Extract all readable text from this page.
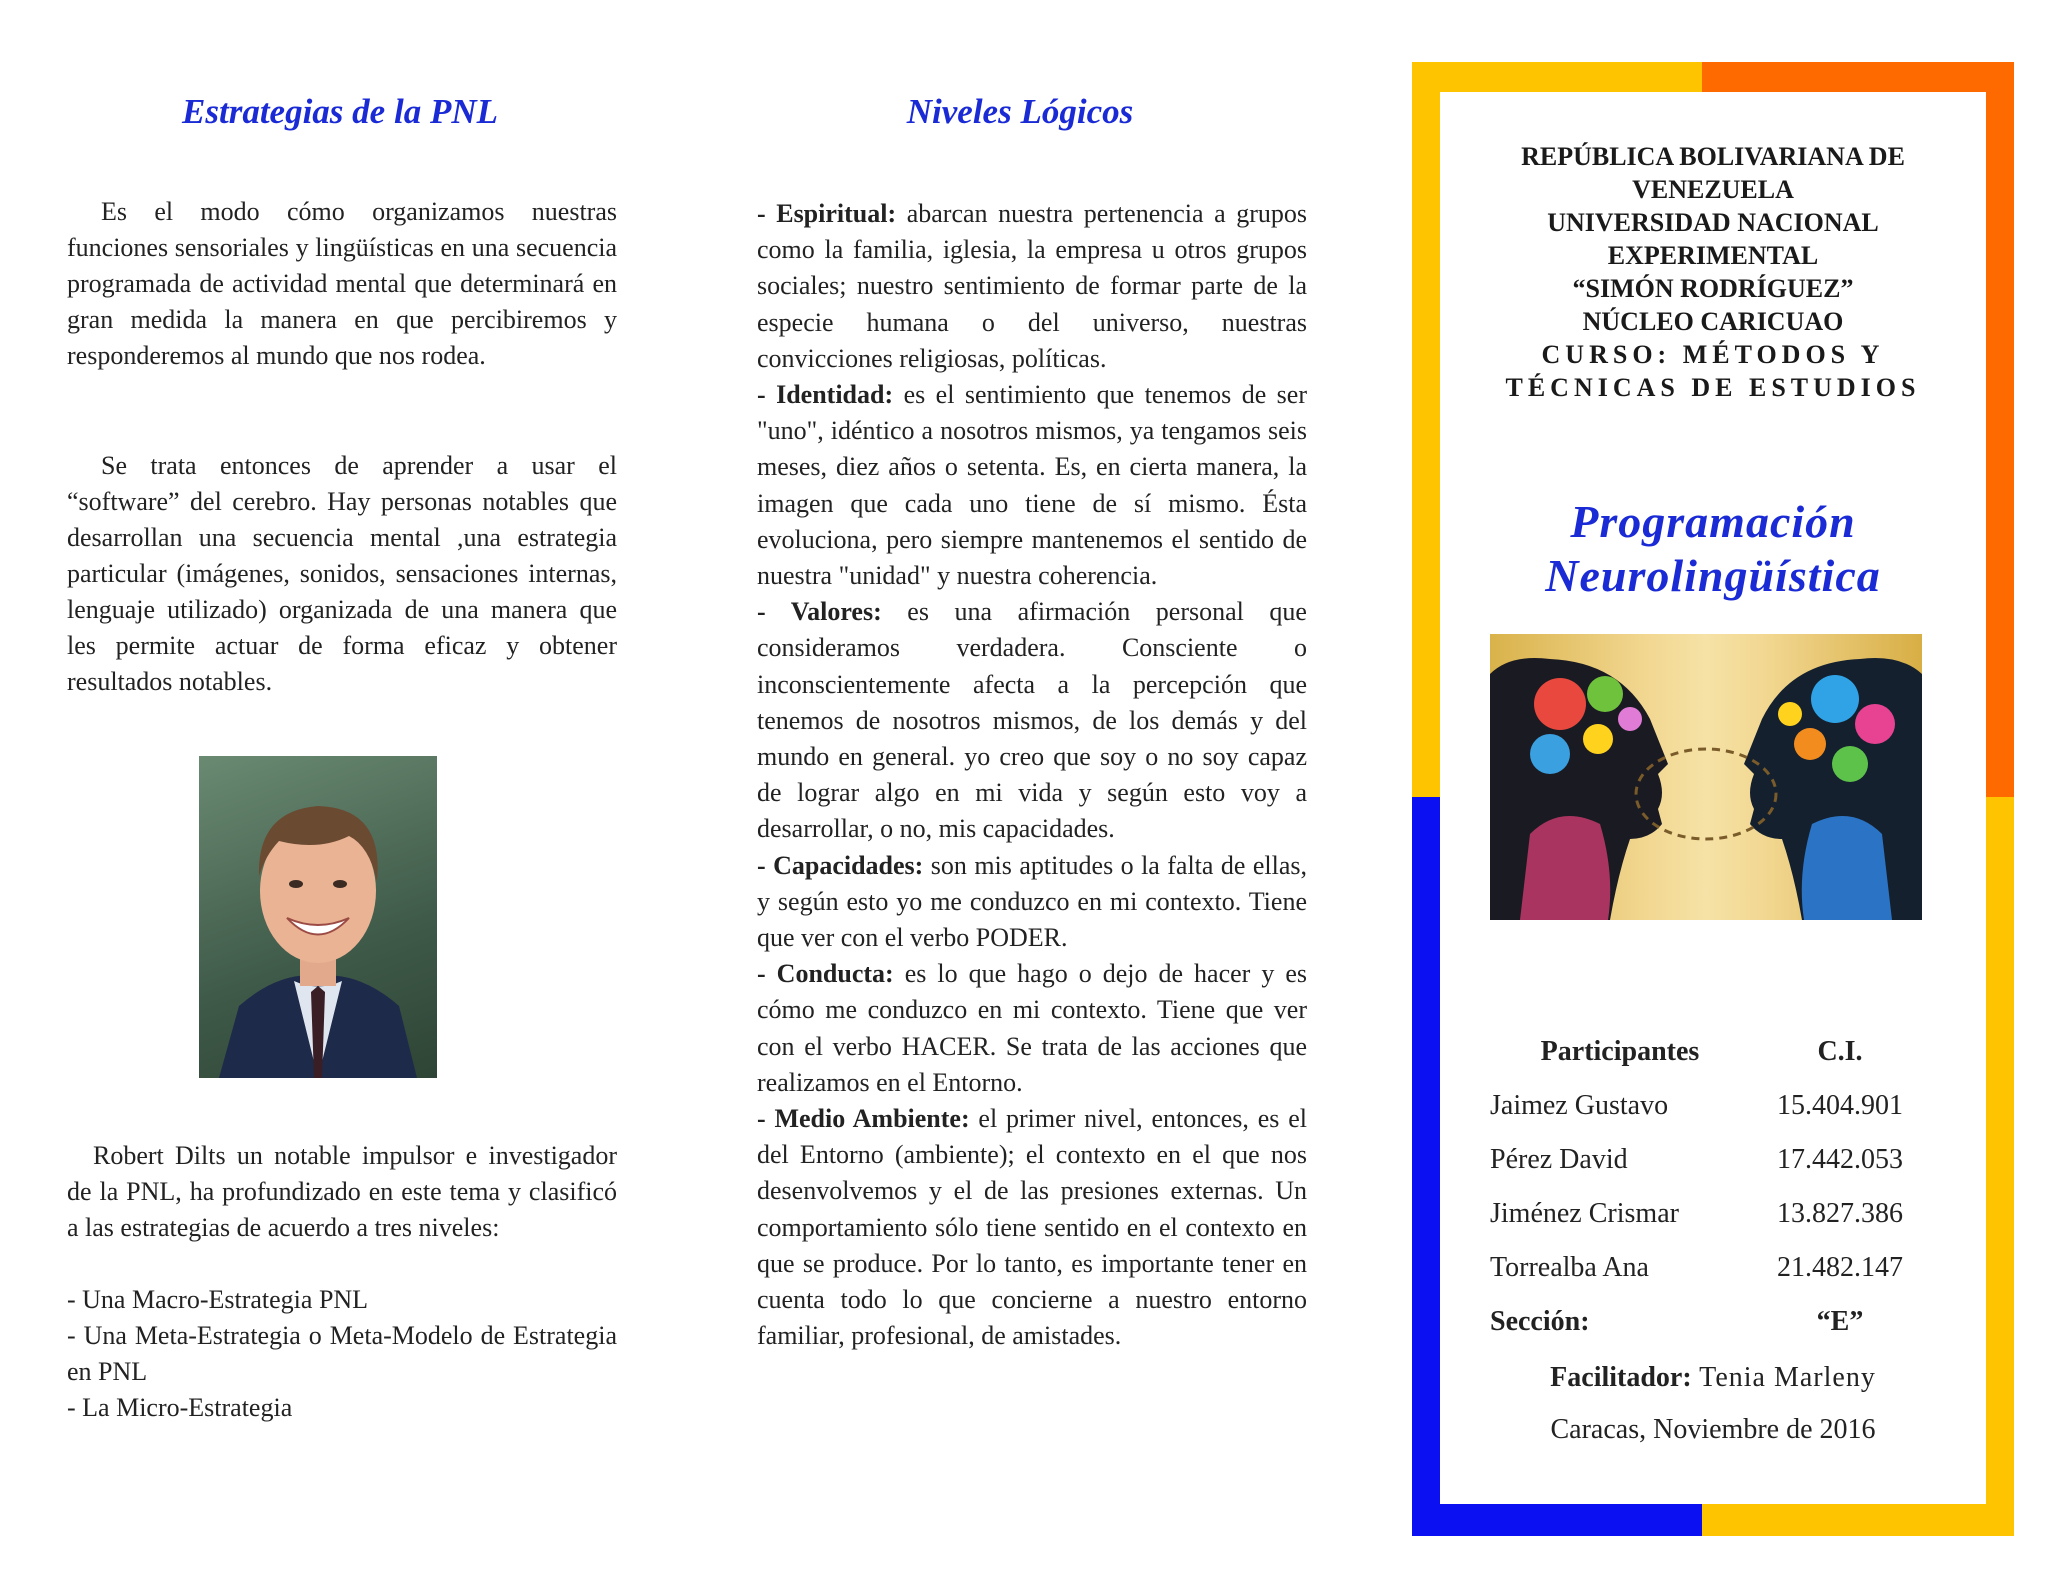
Estrategias de la PNL

Es el modo cómo organizamos nuestras funciones sensoriales y lingüísticas en una secuencia programada de actividad mental que determinará en gran medida la manera en que percibiremos y responderemos al mundo que nos rodea.

Se trata entonces de aprender a usar el “software” del cerebro. Hay personas notables que desarrollan una secuencia mental ,una estrategia particular (imágenes, sonidos, sensaciones internas, lenguaje utilizado) organizada de una manera que les permite actuar de forma eficaz y obtener resultados notables.

Robert Dilts un notable impulsor e investigador de la PNL, ha profundizado en este tema y clasificó a las estrategias de acuerdo a tres niveles:

- Una Macro-Estrategia PNL
- Una Meta-Estrategia o Meta-Modelo de Estrategia en PNL
- La Micro-Estrategia
Niveles Lógicos
- Espiritual: abarcan nuestra pertenencia a grupos como la familia, iglesia, la empresa u otros grupos sociales; nuestro sentimiento de formar parte de la especie humana o del universo, nuestras convicciones religiosas, políticas.
- Identidad: es el sentimiento que tenemos de ser "uno", idéntico a nosotros mismos, ya tengamos seis meses, diez años o setenta. Es, en cierta manera, la imagen que cada uno tiene de sí mismo. Ésta evoluciona, pero siempre mantenemos el sentido de nuestra "unidad" y nuestra coherencia.
- Valores: es una afirmación personal que consideramos verdadera. Consciente o inconscientemente afecta a la percepción que tenemos de nosotros mismos, de los demás y del mundo en general. yo creo que soy o no soy capaz de lograr algo en mi vida y según esto voy a desarrollar, o no, mis capacidades.
- Capacidades: son mis aptitudes o la falta de ellas, y según esto yo me conduzco en mi contexto. Tiene que ver con el verbo PODER.
- Conducta: es lo que hago o dejo de hacer y es cómo me conduzco en mi contexto. Tiene que ver con el verbo HACER. Se trata de las acciones que realizamos en el Entorno.
- Medio Ambiente: el primer nivel, entonces, es el del Entorno (ambiente); el contexto en el que nos desenvolvemos y el de las presiones externas. Un comportamiento sólo tiene sentido en el contexto en que se produce. Por lo tanto, es importante tener en cuenta todo lo que concierne a nuestro entorno familiar, profesional, de amistades.
REPÚBLICA BOLIVARIANA DE
VENEZUELA
UNIVERSIDAD NACIONAL
EXPERIMENTAL
“SIMÓN RODRÍGUEZ”
NÚCLEO CARICUAO
CURSO: MÉTODOS Y
TÉCNICAS DE ESTUDIOS
Programación
Neurolingüística
Participantes	C.I.
Jaimez Gustavo	15.404.901
Pérez David	17.442.053
Jiménez Crismar	13.827.386
Torrealba Ana	21.482.147
Sección:	“E”
Facilitador: Tenia Marleny
Caracas, Noviembre de 2016
